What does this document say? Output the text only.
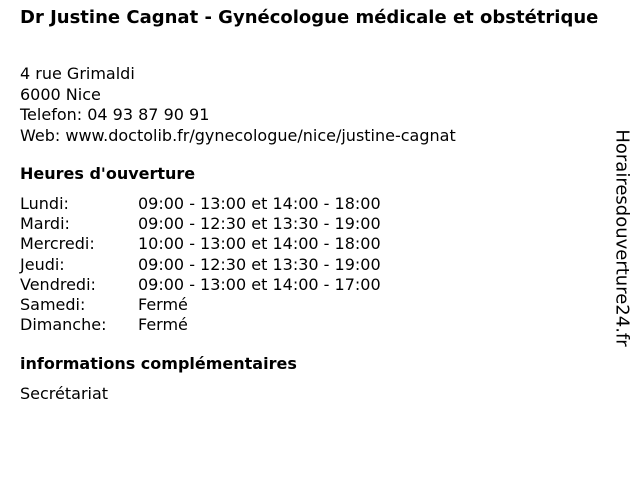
Dr Justine Cagnat - Gynécologue médicale et obstétrique
4 rue Grimaldi
6000 Nice
Telefon: 04 93 87 90 91
Web: www.doctolib.fr/gynecologue/nice/justine-cagnat
Heures d'ouverture
Lundi:	09:00 - 13:00 et 14:00 - 18:00
Mardi:	09:00 - 12:30 et 13:30 - 19:00
Mercredi:	10:00 - 13:00 et 14:00 - 18:00
Jeudi:	09:00 - 12:30 et 13:30 - 19:00
Vendredi:	09:00 - 13:00 et 14:00 - 17:00
Samedi:	Fermé
Dimanche:	Fermé
informations complémentaires
Secrétariat
Horairesdouverture24.fr
